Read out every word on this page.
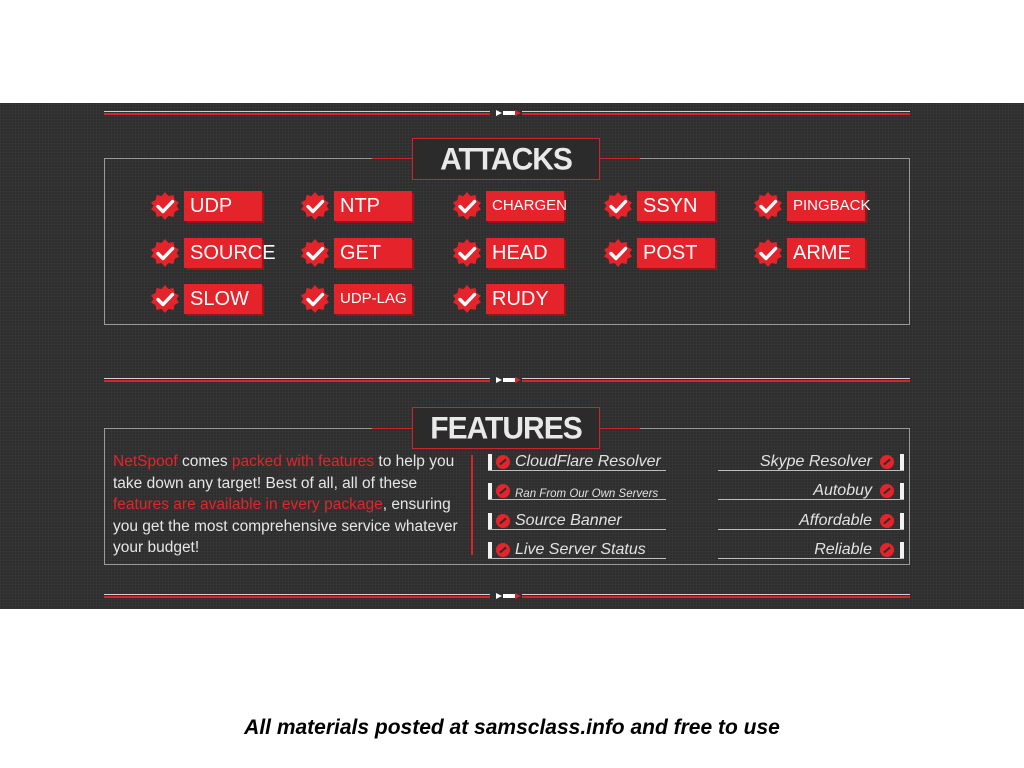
ATTACKS
UDP	NTP	CHARGEN	SSYN	PINGBACK
SOURCE	GET	HEAD	POST	ARME
SLOW	UDP-LAG	RUDY
FEATURES
NetSpoof comes packed with features to help you take down any target! Best of all, all of these features are available in every package, ensuring you get the most comprehensive service whatever your budget!
CloudFlare Resolver
Ran From Our Own Servers
Source Banner
Live Server Status
Skype Resolver
Autobuy
Affordable
Reliable
All materials posted at samsclass.info and free to use
